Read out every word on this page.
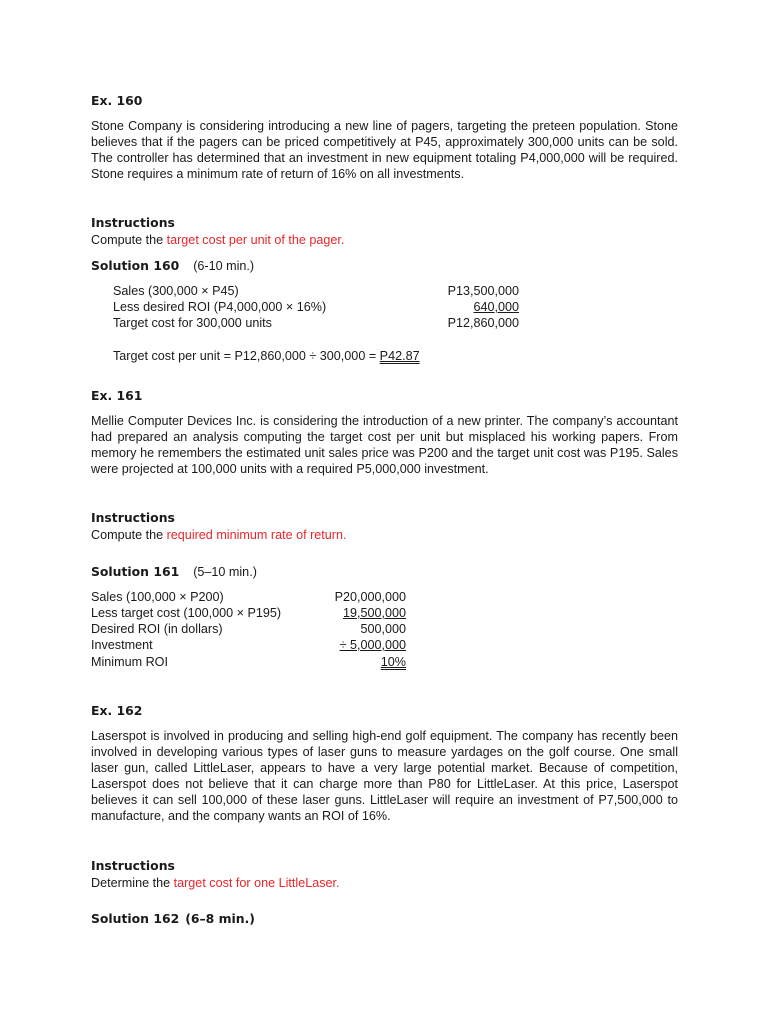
Ex. 160
Stone Company is considering introducing a new line of pagers, targeting the preteen population. Stone believes that if the pagers can be priced competitively at P45, approximately 300,000 units can be sold. The controller has determined that an investment in new equipment totaling P4,000,000 will be required. Stone requires a minimum rate of return of 16% on all investments.
Instructions
Compute the target cost per unit of the pager.
Solution 160 (6-10 min.)
Sales (300,000 × P45)	P13,500,000
Less desired ROI (P4,000,000 × 16%)	640,000
Target cost for 300,000 units	P12,860,000
Target cost per unit = P12,860,000 ÷ 300,000 = P42.87
Ex. 161
Mellie Computer Devices Inc. is considering the introduction of a new printer. The company’s accountant had prepared an analysis computing the target cost per unit but misplaced his working papers. From memory he remembers the estimated unit sales price was P200 and the target unit cost was P195. Sales were projected at 100,000 units with a required P5,000,000 investment.
Instructions
Compute the required minimum rate of return.
Solution 161 (5–10 min.)
Sales (100,000 × P200)	P20,000,000
Less target cost (100,000 × P195)	19,500,000
Desired ROI (in dollars)	500,000
Investment	÷ 5,000,000
Minimum ROI	10%
Ex. 162
Laserspot is involved in producing and selling high-end golf equipment. The company has recently been involved in developing various types of laser guns to measure yardages on the golf course. One small laser gun, called LittleLaser, appears to have a very large potential market. Because of competition, Laserspot does not believe that it can charge more than P80 for LittleLaser. At this price, Laserspot believes it can sell 100,000 of these laser guns. LittleLaser will require an investment of P7,500,000 to manufacture, and the company wants an ROI of 16%.
Instructions
Determine the target cost for one LittleLaser.
Solution 162 (6–8 min.)
